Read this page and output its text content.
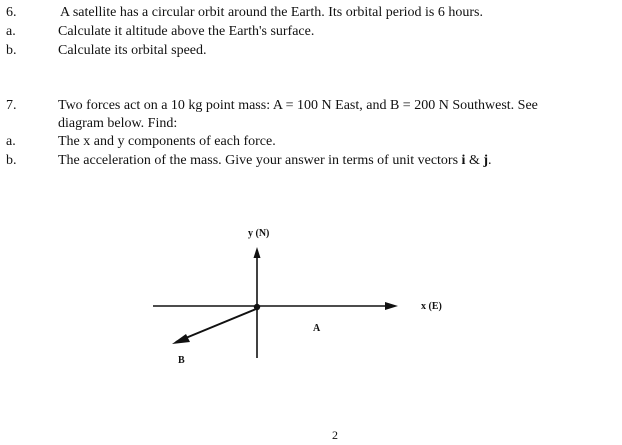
6.	A satellite has a circular orbit around the Earth. Its orbital period is 6 hours.
a.	Calculate it altitude above the Earth's surface.
b.	Calculate its orbital speed.
7.	Two forces act on a 10 kg point mass: A = 100 N East, and B = 200 N Southwest. See
diagram below. Find:
a.	The x and y components of each force.
b.	The acceleration of the mass. Give your answer in terms of unit vectors i & j.
y (N)
x (E)
A
B
2
